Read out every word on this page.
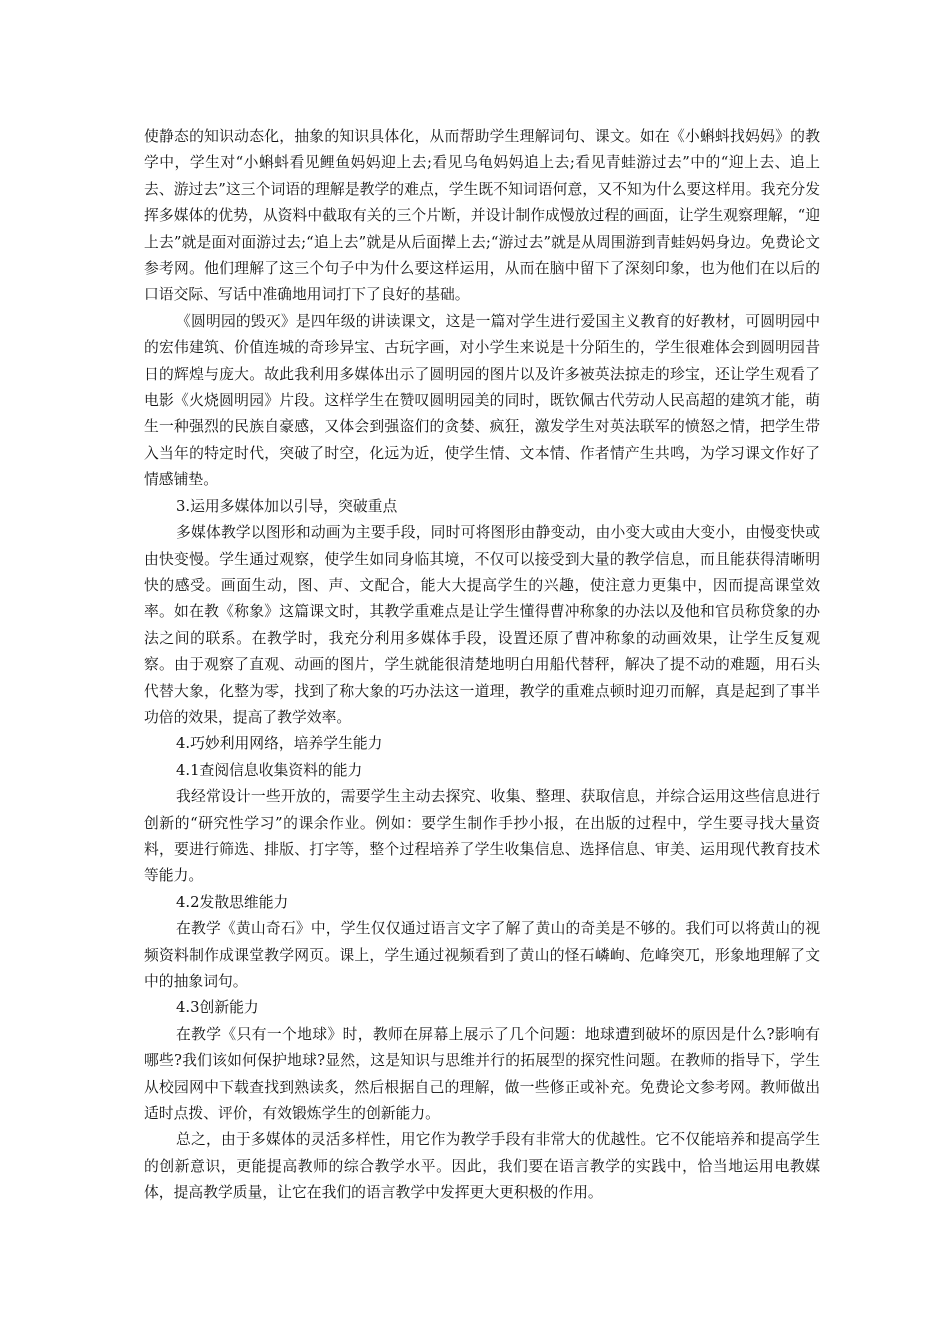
使静态的知识动态化，抽象的知识具体化，从而帮助学生理解词句、课文。如在《小蝌蚪找妈妈》的教学中，学生对“小蝌蚪看见鲤鱼妈妈迎上去;看见乌龟妈妈追上去;看见青蛙游过去”中的“迎上去、追上去、游过去”这三个词语的理解是教学的难点，学生既不知词语何意，又不知为什么要这样用。我充分发挥多媒体的优势，从资料中截取有关的三个片断，并设计制作成慢放过程的画面，让学生观察理解，“迎上去”就是面对面游过去;“追上去”就是从后面撵上去;“游过去”就是从周围游到青蛙妈妈身边。免费论文参考网。他们理解了这三个句子中为什么要这样运用，从而在脑中留下了深刻印象，也为他们在以后的口语交际、写话中准确地用词打下了良好的基础。

《圆明园的毁灭》是四年级的讲读课文，这是一篇对学生进行爱国主义教育的好教材，可圆明园中的宏伟建筑、价值连城的奇珍异宝、古玩字画，对小学生来说是十分陌生的，学生很难体会到圆明园昔日的辉煌与庞大。故此我利用多媒体出示了圆明园的图片以及许多被英法掠走的珍宝，还让学生观看了电影《火烧圆明园》片段。这样学生在赞叹圆明园美的同时，既钦佩古代劳动人民高超的建筑才能，萌生一种强烈的民族自豪感，又体会到强盗们的贪婪、疯狂，激发学生对英法联军的愤怒之情，把学生带入当年的特定时代，突破了时空，化远为近，使学生情、文本情、作者情产生共鸣，为学习课文作好了情感铺垫。

3.运用多媒体加以引导，突破重点

多媒体教学以图形和动画为主要手段，同时可将图形由静变动，由小变大或由大变小，由慢变快或由快变慢。学生通过观察，使学生如同身临其境，不仅可以接受到大量的教学信息，而且能获得清晰明快的感受。画面生动，图、声、文配合，能大大提高学生的兴趣，使注意力更集中，因而提高课堂效率。如在教《称象》这篇课文时，其教学重难点是让学生懂得曹冲称象的办法以及他和官员称贷象的办法之间的联系。在教学时，我充分利用多媒体手段，设置还原了曹冲称象的动画效果，让学生反复观察。由于观察了直观、动画的图片，学生就能很清楚地明白用船代替秤，解决了提不动的难题，用石头代替大象，化整为零，找到了称大象的巧办法这一道理，教学的重难点顿时迎刃而解，真是起到了事半功倍的效果，提高了教学效率。

4.巧妙利用网络，培养学生能力

4.1查阅信息收集资料的能力

我经常设计一些开放的，需要学生主动去探究、收集、整理、获取信息，并综合运用这些信息进行创新的“研究性学习”的课余作业。例如：要学生制作手抄小报，在出版的过程中，学生要寻找大量资料，要进行筛选、排版、打字等，整个过程培养了学生收集信息、选择信息、审美、运用现代教育技术等能力。

4.2发散思维能力

在教学《黄山奇石》中，学生仅仅通过语言文字了解了黄山的奇美是不够的。我们可以将黄山的视频资料制作成课堂教学网页。课上，学生通过视频看到了黄山的怪石嶙峋、危峰突兀，形象地理解了文中的抽象词句。

4.3创新能力

在教学《只有一个地球》时，教师在屏幕上展示了几个问题：地球遭到破坏的原因是什么?影响有哪些?我们该如何保护地球?显然，这是知识与思维并行的拓展型的探究性问题。在教师的指导下，学生从校园网中下载查找到熟读炙，然后根据自己的理解，做一些修正或补充。免费论文参考网。教师做出适时点拨、评价，有效锻炼学生的创新能力。

总之，由于多媒体的灵活多样性，用它作为教学手段有非常大的优越性。它不仅能培养和提高学生的创新意识，更能提高教师的综合教学水平。因此，我们要在语言教学的实践中，恰当地运用电教媒体，提高教学质量，让它在我们的语言教学中发挥更大更积极的作用。
